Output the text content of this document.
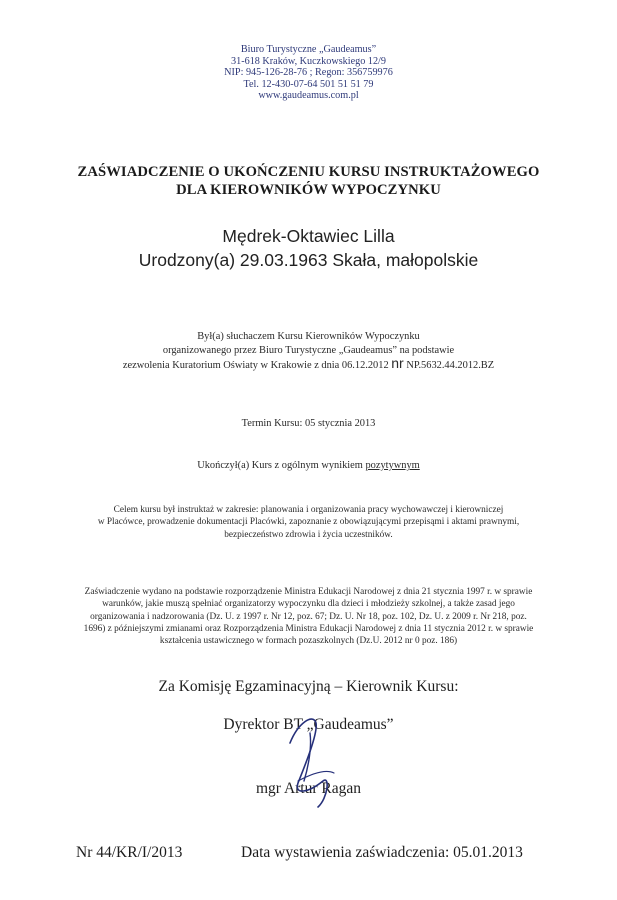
Biuro Turystyczne „Gaudeamus”
31-618 Kraków, Kuczkowskiego 12/9
NIP: 945-126-28-76 ; Regon: 356759976
Tel. 12-430-07-64 501 51 51 79
www.gaudeamus.com.pl
ZAŚWIADCZENIE O UKOŃCZENIU KURSU INSTRUKTAŻOWEGO
DLA KIEROWNIKÓW WYPOCZYNKU
Mędrek-Oktawiec Lilla
Urodzony(a) 29.03.1963 Skała, małopolskie
Był(a) słuchaczem Kursu Kierowników Wypoczynku
organizowanego przez Biuro Turystyczne „Gaudeamus” na podstawie
zezwolenia Kuratorium Oświaty w Krakowie z dnia 06.12.2012 nr NP.5632.44.2012.BZ
Termin Kursu: 05 stycznia 2013
Ukończył(a) Kurs z ogólnym wynikiem pozytywnym
Celem kursu był instruktaż w zakresie: planowania i organizowania pracy wychowawczej i kierowniczej
w Placówce, prowadzenie dokumentacji Placówki, zapoznanie z obowiązującymi przepisąmi i aktami prawnymi,
bezpieczeństwo zdrowia i życia uczestników.
Zaświadczenie wydano na podstawie rozporządzenie Ministra Edukacji Narodowej z dnia 21 stycznia 1997 r. w sprawie
warunków, jakie muszą spełniać organizatorzy wypoczynku dla dzieci i młodzieży szkolnej, a także zasad jego
organizowania i nadzorowania (Dz. U. z 1997 r. Nr 12, poz. 67; Dz. U. Nr 18, poz. 102, Dz. U. z 2009 r. Nr 218, poz.
1696) z późniejszymi zmianami oraz Rozporządzenia Ministra Edukacji Narodowej z dnia 11 stycznia 2012 r. w sprawie
kształcenia ustawicznego w formach pozaszkolnych (Dz.U. 2012 nr 0 poz. 186)
Za Komisję Egzaminacyjną – Kierownik Kursu:
Dyrektor BT „Gaudeamus”
mgr Artur Ragan
Nr 44/KR/I/2013	Data wystawienia zaświadczenia: 05.01.2013
